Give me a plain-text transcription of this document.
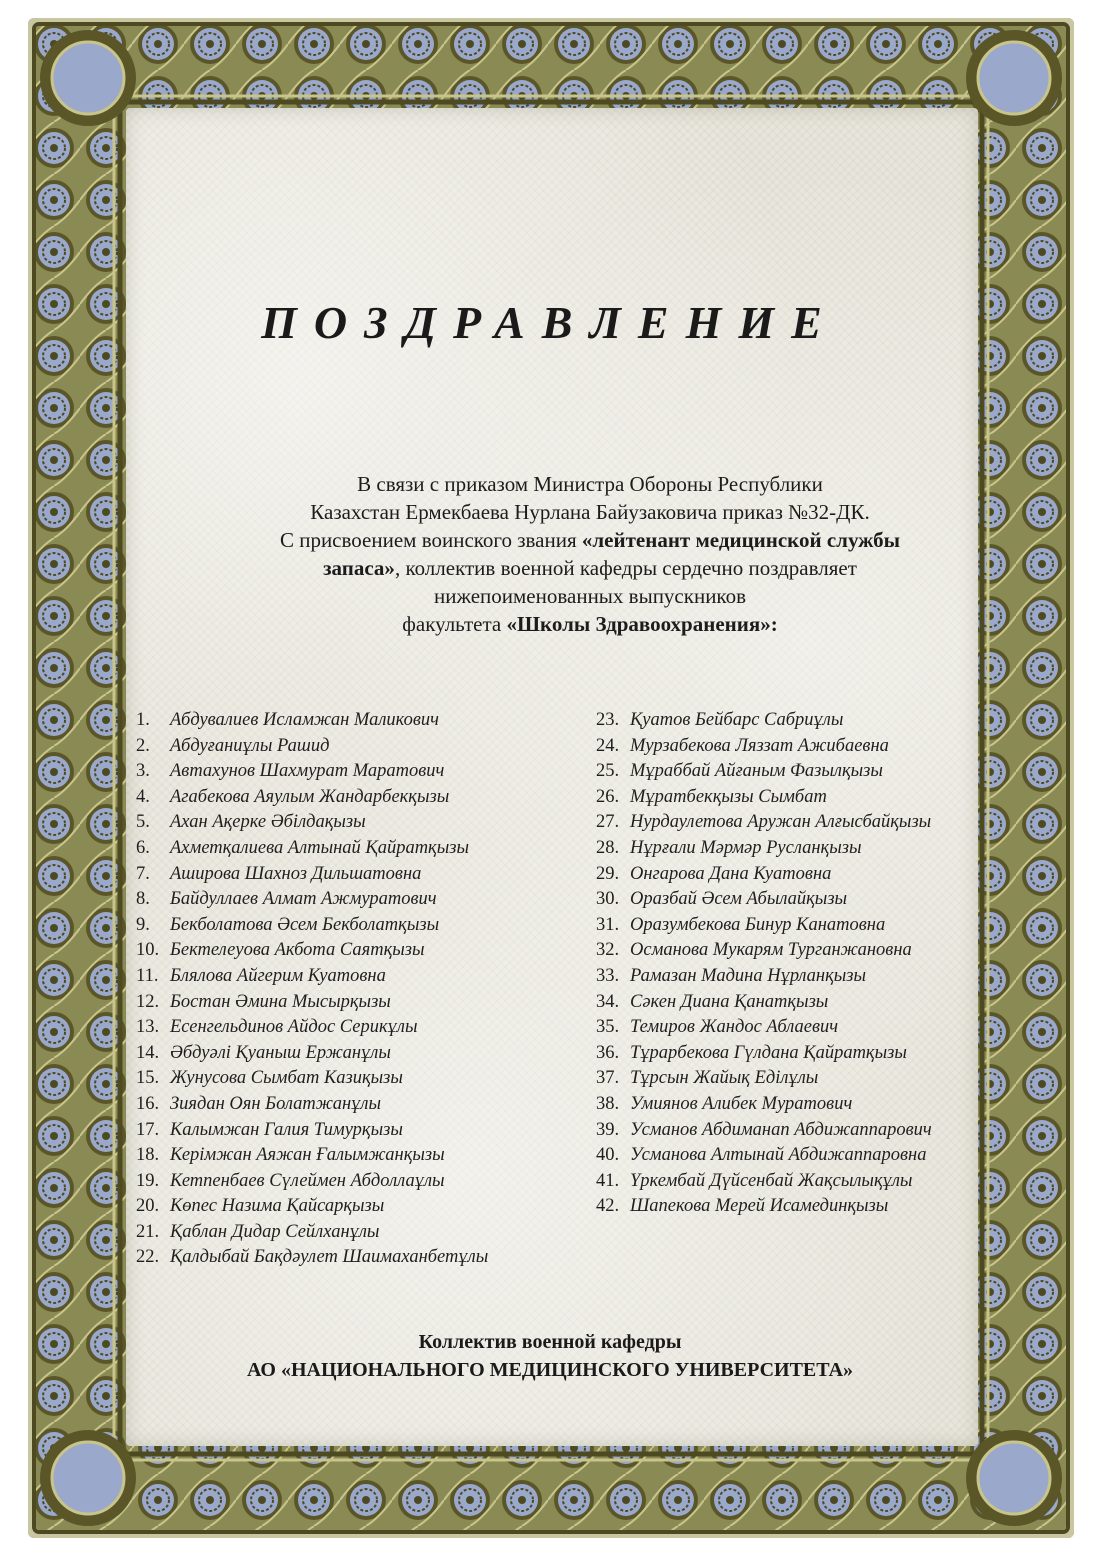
ПОЗДРАВЛЕНИЕ

В связи с приказом Министра Обороны Республики

Казахстан Ермекбаева Нурлана Байузаковича приказ №32-ДК.

С присвоением воинского звания «лейтенант медицинской службы

запаса», коллектив военной кафедры сердечно поздравляет

нижепоименованных выпускников

факультета «Школы Здравоохранения»:

1.	Абдувалиев Исламжан Маликович
2.	Абдуғаниұлы Рашид
3.	Автахунов Шахмурат Маратович
4.	Агабекова Аяулым Жандарбекқызы
5.	Ахан Ақерке Әбілдақызы
6.	Ахметқалиева Алтынай Қайратқызы
7.	Аширова Шахноз Дильшатовна
8.	Байдуллаев Алмат Ажмуратович
9.	Бекболатова Әсем Бекболатқызы
10. Бектелеуова Акбота Саятқызы
11. Блялова Айгерим Куатовна
12. Бостан Әмина Мысырқызы
13. Есенгельдинов Айдос Серикұлы
14. Әбдуәлі Қуаныш Ержанұлы
15. Жунусова Сымбат Казиқызы
16. Зиядан Оян Болатжанұлы
17. Калымжан Галия Тимурқызы
18. Керімжан Аяжан Ғалымжанқызы
19. Кетпенбаев Сүлеймен Абдоллаұлы
20. Көпес Назима Қайсарқызы
21. Қаблан Дидар Сейлханұлы
22. Қалдыбай Бақдәулет Шаимаханбетұлы
23. Қуатов Бейбарс Сабриұлы
24. Мурзабекова Ляззат Ажибаевна
25. Мұраббай Айғаным Фазылқызы
26. Мұратбекқызы Сымбат
27. Нурдаулетова Аружан Алғысбайқызы
28. Нұрғали Мәрмәр Русланқызы
29. Онгарова Дана Куатовна
30. Оразбай Әсем Абылайқызы
31. Оразумбекова Бинур Канатовна
32. Османова Мукарям Турганжановна
33. Рамазан Мадина Нұрланқызы
34. Сәкен Диана Қанатқызы
35. Темиров Жандос Аблаевич
36. Тұрарбекова Гүлдана Қайратқызы
37. Тұрсын Жайық Еділұлы
38. Умиянов Алибек Муратович
39. Усманов Абдиманап Абдижаппарович
40. Усманова Алтынай Абдижаппаровна
41. Үркембай Дүйсенбай Жақсылықұлы
42. Шапекова Мерей Исамединқызы
Коллектив военной кафедры
АО «НАЦИОНАЛЬНОГО МЕДИЦИНСКОГО УНИВЕРСИТЕТА»
